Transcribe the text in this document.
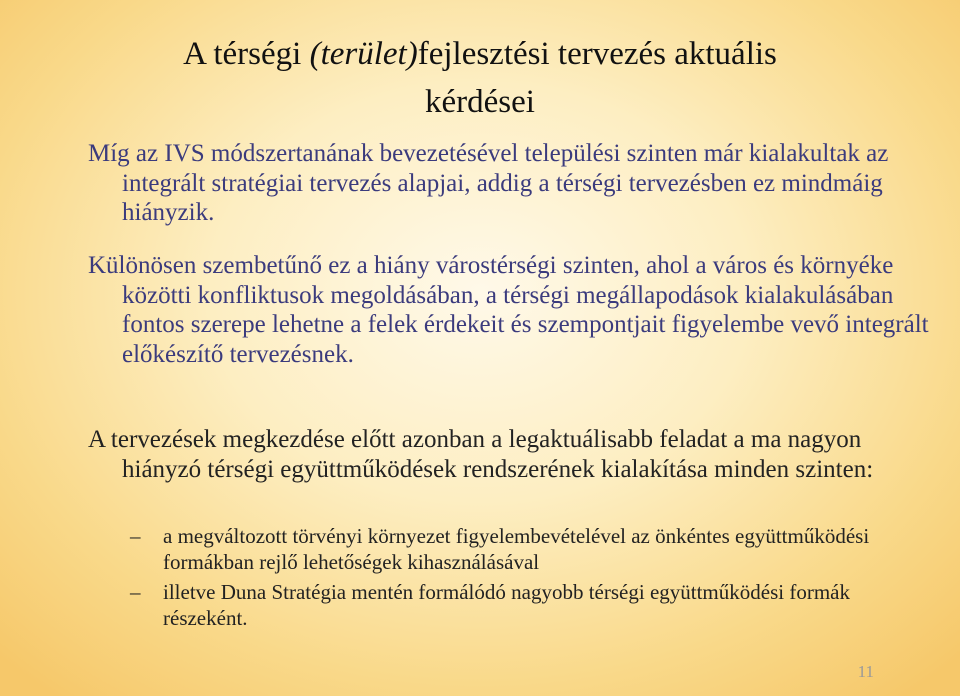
A térségi (terület)fejlesztési tervezés aktuális
kérdései
Míg az IVS módszertanának bevezetésével települési szinten már kialakultak az integrált stratégiai tervezés alapjai, addig a térségi tervezésben ez mindmáig hiányzik.
Különösen szembetűnő ez a hiány várostérségi szinten, ahol a város és környéke közötti konfliktusok megoldásában, a térségi megállapodások kialakulásában fontos szerepe lehetne a felek érdekeit és szempontjait figyelembe vevő integrált előkészítő tervezésnek.
A tervezések megkezdése előtt azonban a legaktuálisabb feladat a ma nagyon hiányzó térségi együttműködések rendszerének kialakítása minden szinten:
–	a megváltozott törvényi környezet figyelembevételével az önkéntes együttműködési formákban rejlő lehetőségek kihasználásával
–	illetve Duna Stratégia mentén formálódó nagyobb térségi együttműködési formák részeként.
11
